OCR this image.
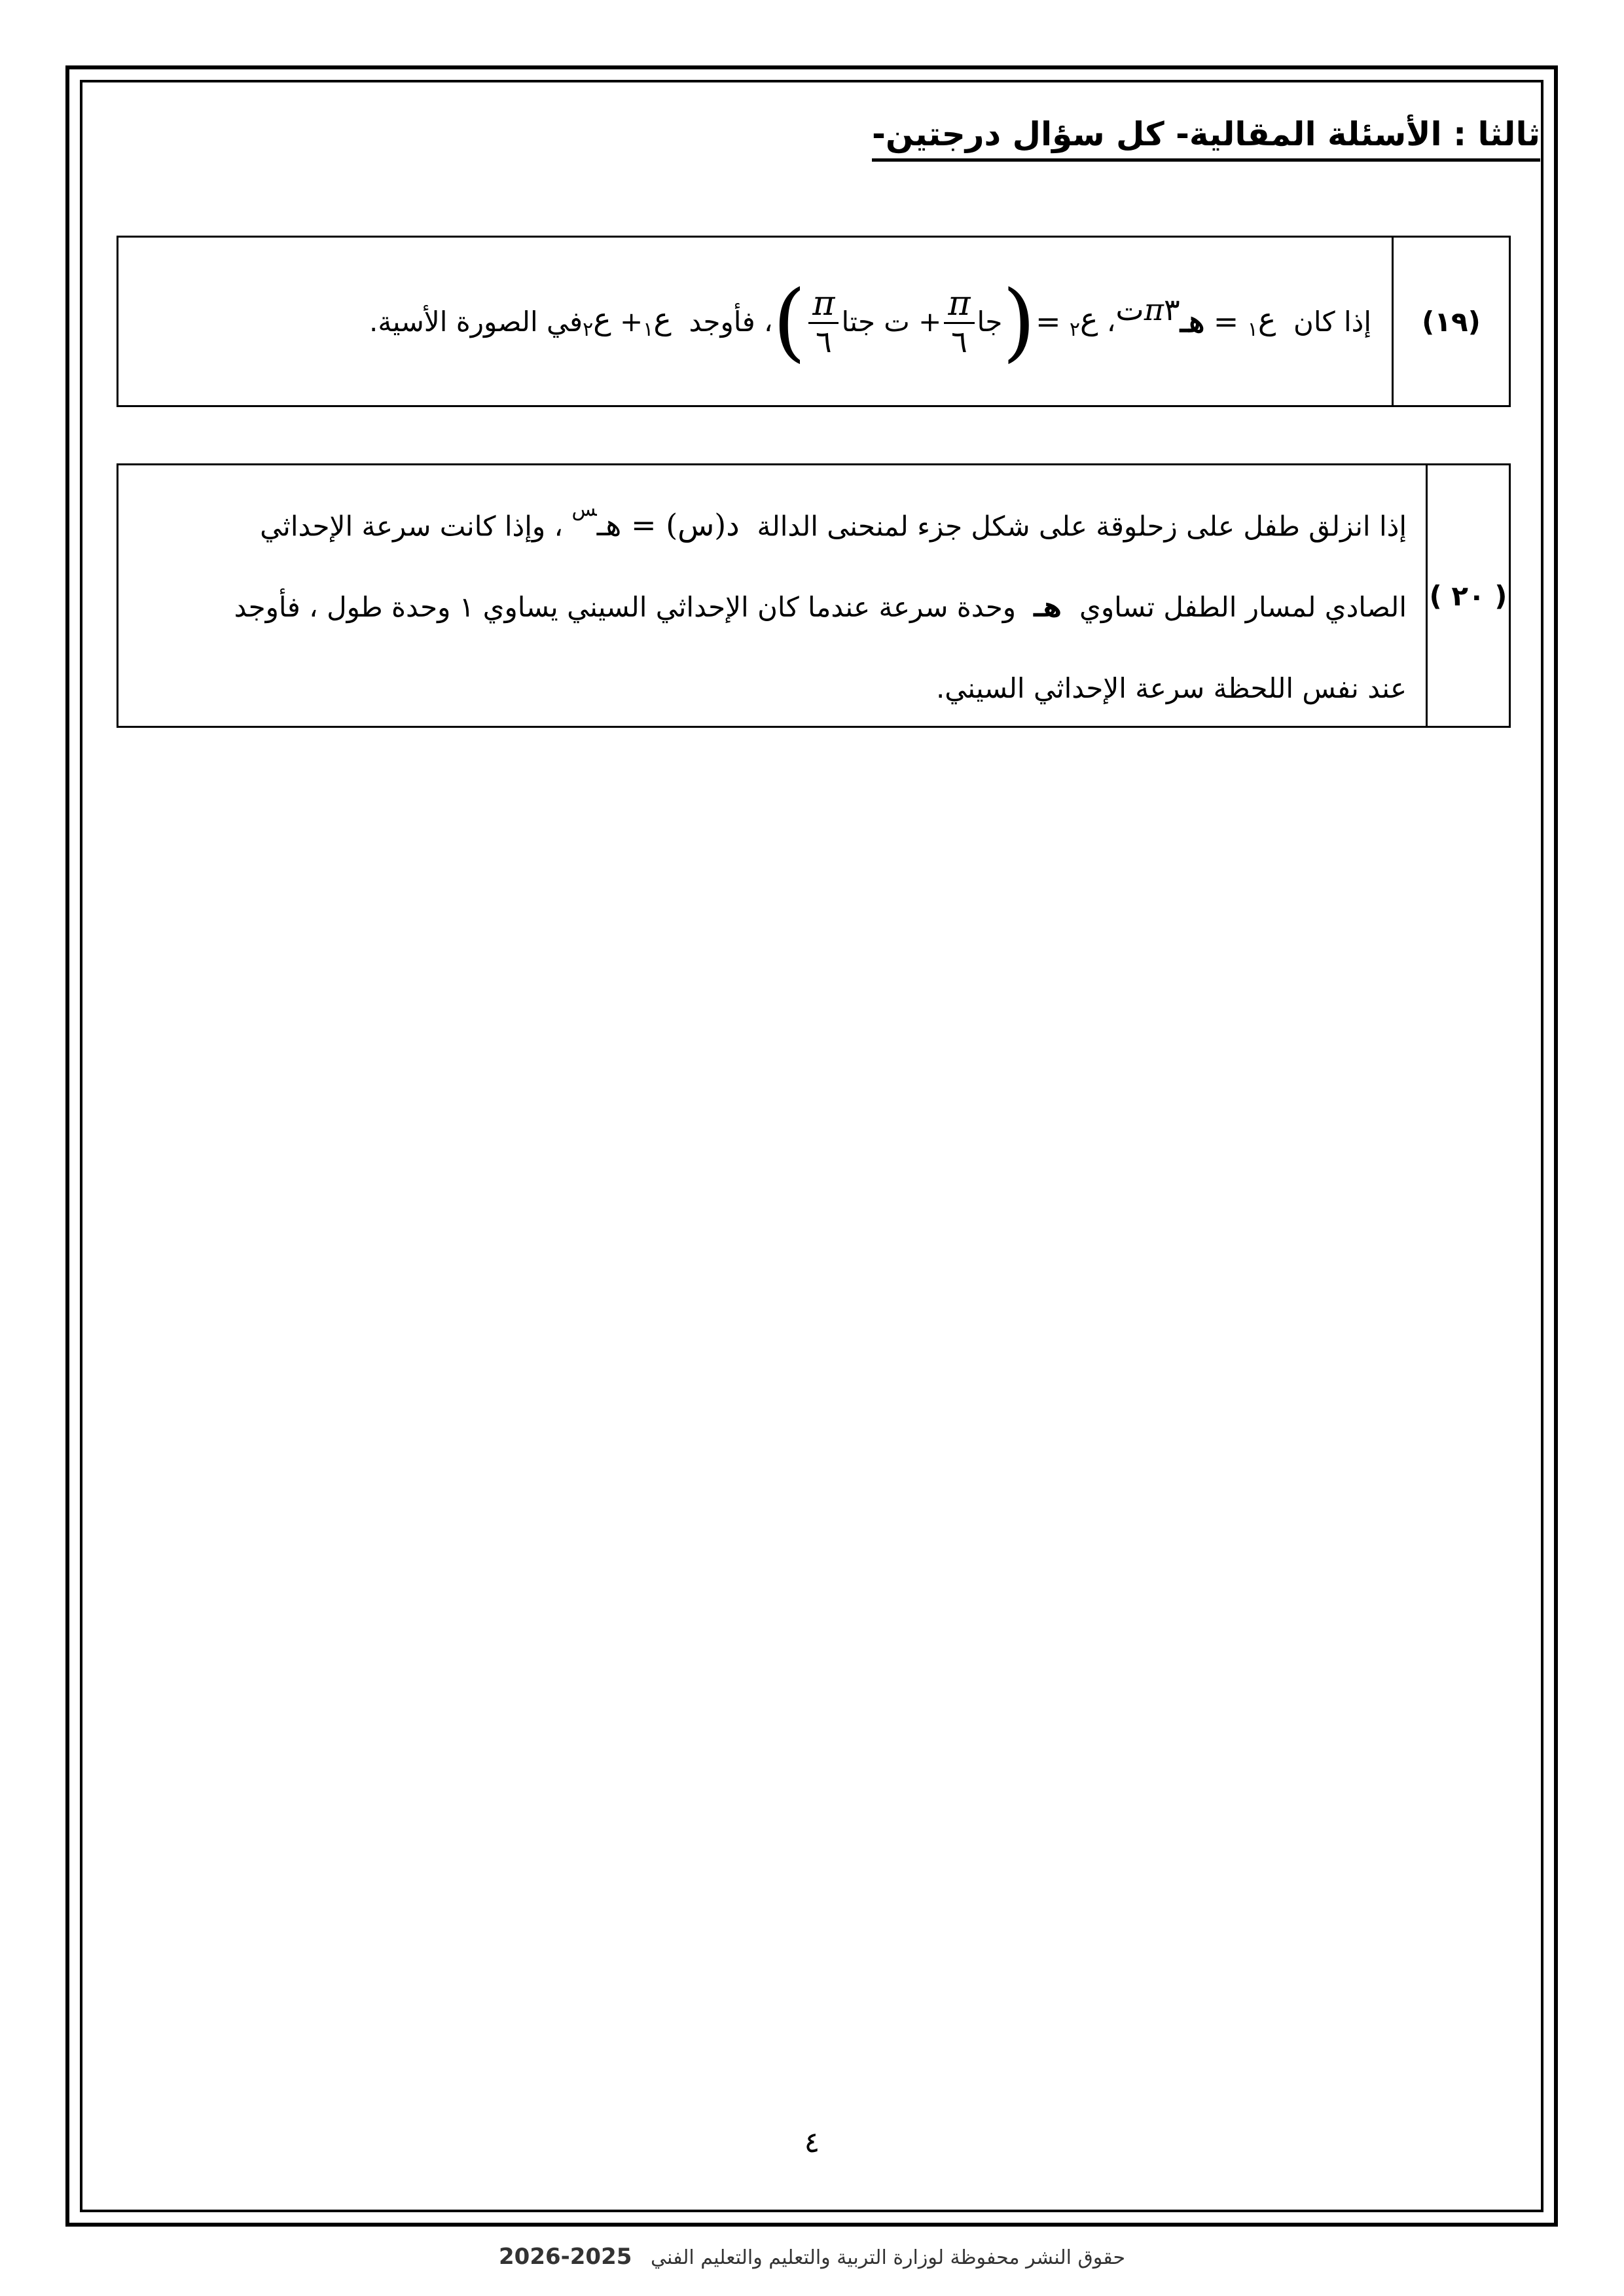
ثالثا : الأسئلة المقالية- كل سؤال درجتين-
(١٩)
إذا كان

ع$_١$

=

هـ
$^{\pi ٣ت}$
،

ع$_٢$

=
(
جا
$\frac{\pi}{٦}$
+ ت جتا
$\frac{\pi}{٦}$
)
، فأوجد

ع$_١$
+

ع$_٢$
في الصورة الأسية.
( ٢٠ )
إذا انزلق طفل على زحلوقة على شكل جزء لمنحنى الدالة  د(س) = هـ$^س$ ، وإذا كانت سرعة الإحداثي
الصادي لمسار الطفل تساوي  هـ  وحدة سرعة عندما كان الإحداثي السيني يساوي ١ وحدة طول ، فأوجد
عند نفس اللحظة سرعة الإحداثي السيني.
٤
حقوق النشر محفوظة لوزارة التربية والتعليم والتعليم الفني   2025-2026
